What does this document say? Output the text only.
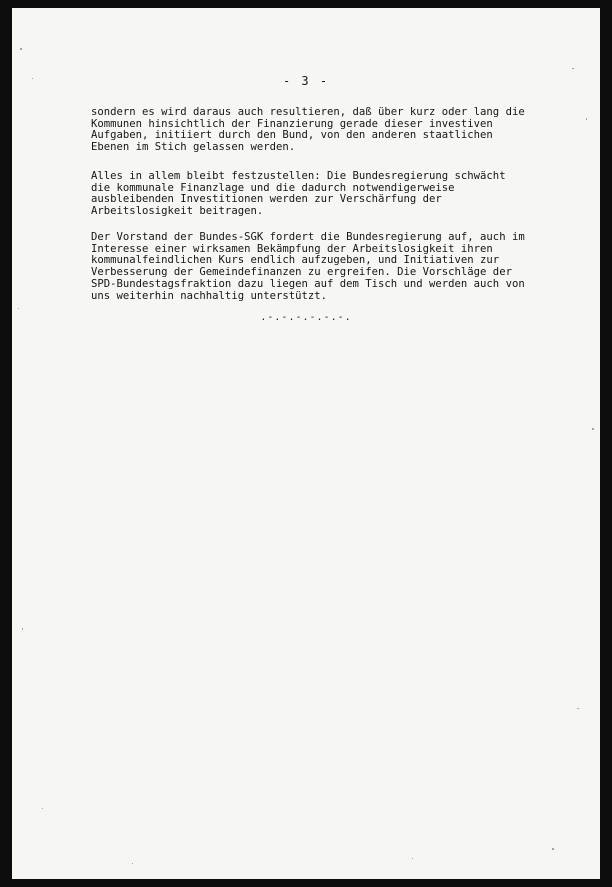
- 3 -

sondern es wird daraus auch resultieren, daß über kurz oder lang die
Kommunen hinsichtlich der Finanzierung gerade dieser investiven
Aufgaben, initiiert durch den Bund, von den anderen staatlichen
Ebenen im Stich gelassen werden.

Alles in allem bleibt festzustellen: Die Bundesregierung schwächt
die kommunale Finanzlage und die dadurch notwendigerweise
ausbleibenden Investitionen werden zur Verschärfung der
Arbeitslosigkeit beitragen.

Der Vorstand der Bundes-SGK fordert die Bundesregierung auf, auch im
Interesse einer wirksamen Bekämpfung der Arbeitslosigkeit ihren
kommunalfeindlichen Kurs endlich aufzugeben, und Initiativen zur
Verbesserung der Gemeindefinanzen zu ergreifen. Die Vorschläge der
SPD-Bundestagsfraktion dazu liegen auf dem Tisch und werden auch von
uns weiterhin nachhaltig unterstützt.

.-.-.-.-.-.-.
